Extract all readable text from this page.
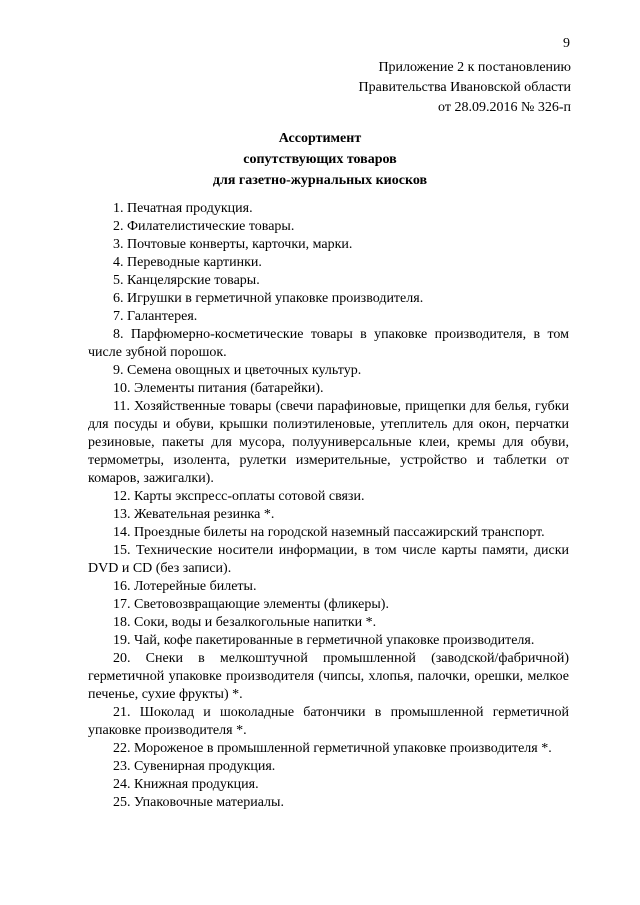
9
Приложение 2 к постановлению
Правительства Ивановской области
от 28.09.2016 № 326-п
Ассортимент
сопутствующих товаров
для газетно-журнальных киосков
1. Печатная продукция.
2. Филателистические товары.
3. Почтовые конверты, карточки, марки.
4. Переводные картинки.
5. Канцелярские товары.
6. Игрушки в герметичной упаковке производителя.
7. Галантерея.
8. Парфюмерно-косметические товары в упаковке производителя, в том числе зубной порошок.
9. Семена овощных и цветочных культур.
10. Элементы питания (батарейки).
11. Хозяйственные товары (свечи парафиновые, прищепки для белья, губки для посуды и обуви, крышки полиэтиленовые, утеплитель для окон, перчатки резиновые, пакеты для мусора, полууниверсальные клеи, кремы для обуви, термометры, изолента, рулетки измерительные, устройство и таблетки от комаров, зажигалки).
12. Карты экспресс-оплаты сотовой связи.
13. Жевательная резинка *.
14. Проездные билеты на городской наземный пассажирский транспорт.
15. Технические носители информации, в том числе карты памяти, диски DVD и CD (без записи).
16. Лотерейные билеты.
17. Световозвращающие элементы (фликеры).
18. Соки, воды и безалкогольные напитки *.
19. Чай, кофе пакетированные в герметичной упаковке производителя.
20. Снеки в мелкоштучной промышленной (заводской/фабричной) герметичной упаковке производителя (чипсы, хлопья, палочки, орешки, мелкое печенье, сухие фрукты) *.
21. Шоколад и шоколадные батончики в промышленной герметичной упаковке производителя *.
22. Мороженое в промышленной герметичной упаковке производителя *.
23. Сувенирная продукция.
24. Книжная продукция.
25. Упаковочные материалы.
